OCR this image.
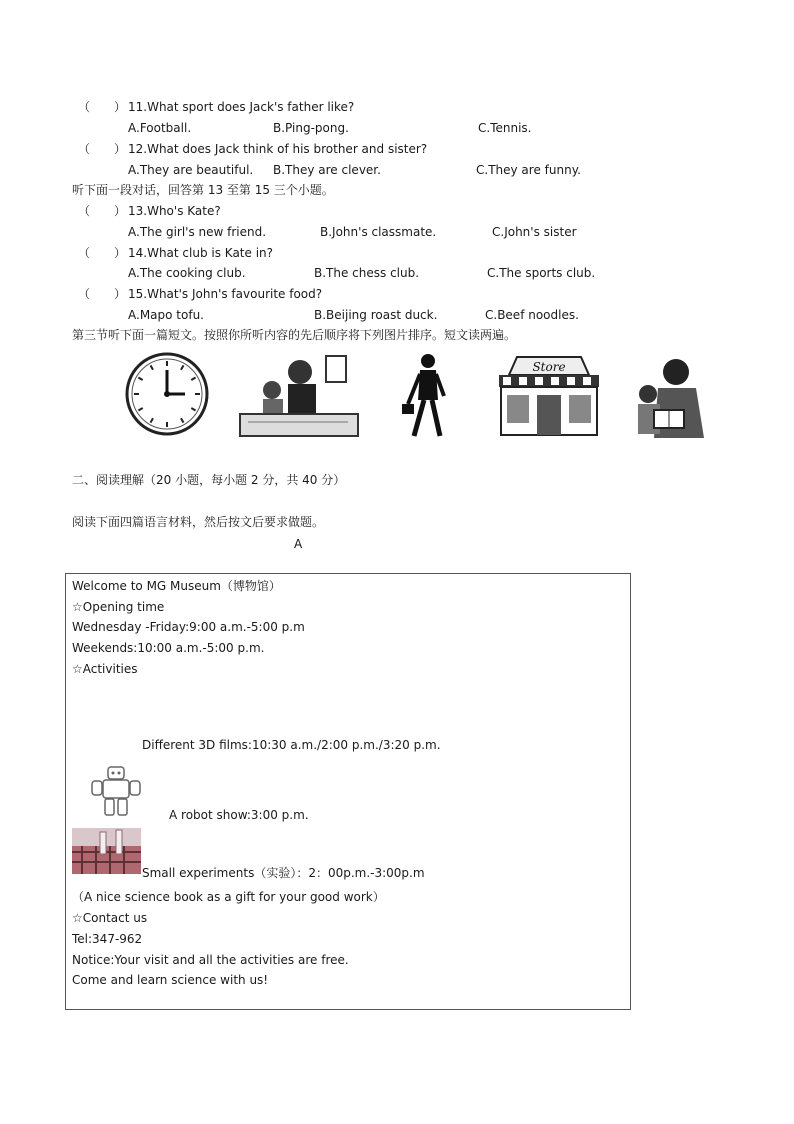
（　　） 11.What sport does Jack's father like?
A.Football.	B.Ping-pong.	C.Tennis.
（　　） 12.What does Jack think of his brother and sister?
A.They are beautiful. B.They are clever.	C.They are funny.
听下面一段对话，回答第 13 至第 15 三个小题。
（　　） 13.Who's Kate?
A.The girl's new friend.	B.John's classmate.	C.John's sister
（　　） 14.What club is Kate in?
A.The cooking club.	B.The chess club.	C.The sports club.
（　　） 15.What's John's favourite food?
A.Mapo tofu.	B.Beijing roast duck.	C.Beef noodles.
第三节听下面一篇短文。按照你所听内容的先后顺序将下列图片排序。短文读两遍。
Store
二、阅读理解（20 小题，每小题 2 分，共 40 分）
阅读下面四篇语言材料，然后按文后要求做题。
A
Welcome to MG Museum（博物馆）
☆Opening time
Wednesday -Friday:9:00 a.m.-5:00 p.m
Weekends:10:00 a.m.-5:00 p.m.
☆Activities
Different 3D films:10:30 a.m./2:00 p.m./3:20 p.m.
A robot show:3:00 p.m.
Small experiments（实验）：2：00p.m.-3:00p.m
（A nice science book as a gift for your good work）
☆Contact us
Tel:347-962
Notice:Your visit and all the activities are free.
Come and learn science with us!
